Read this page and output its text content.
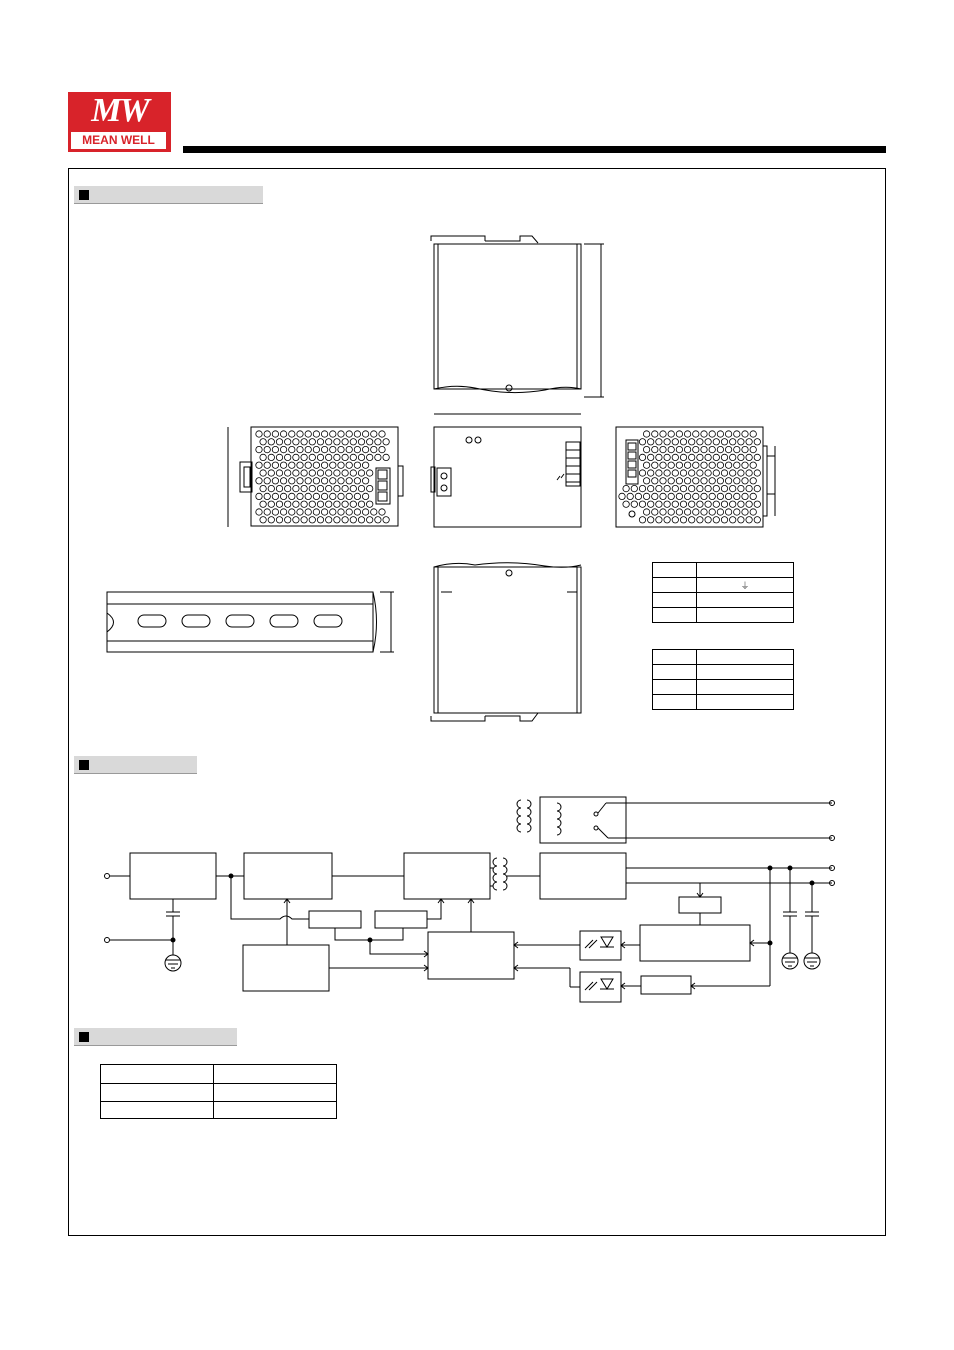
MW
MEAN WELL

	⏚
